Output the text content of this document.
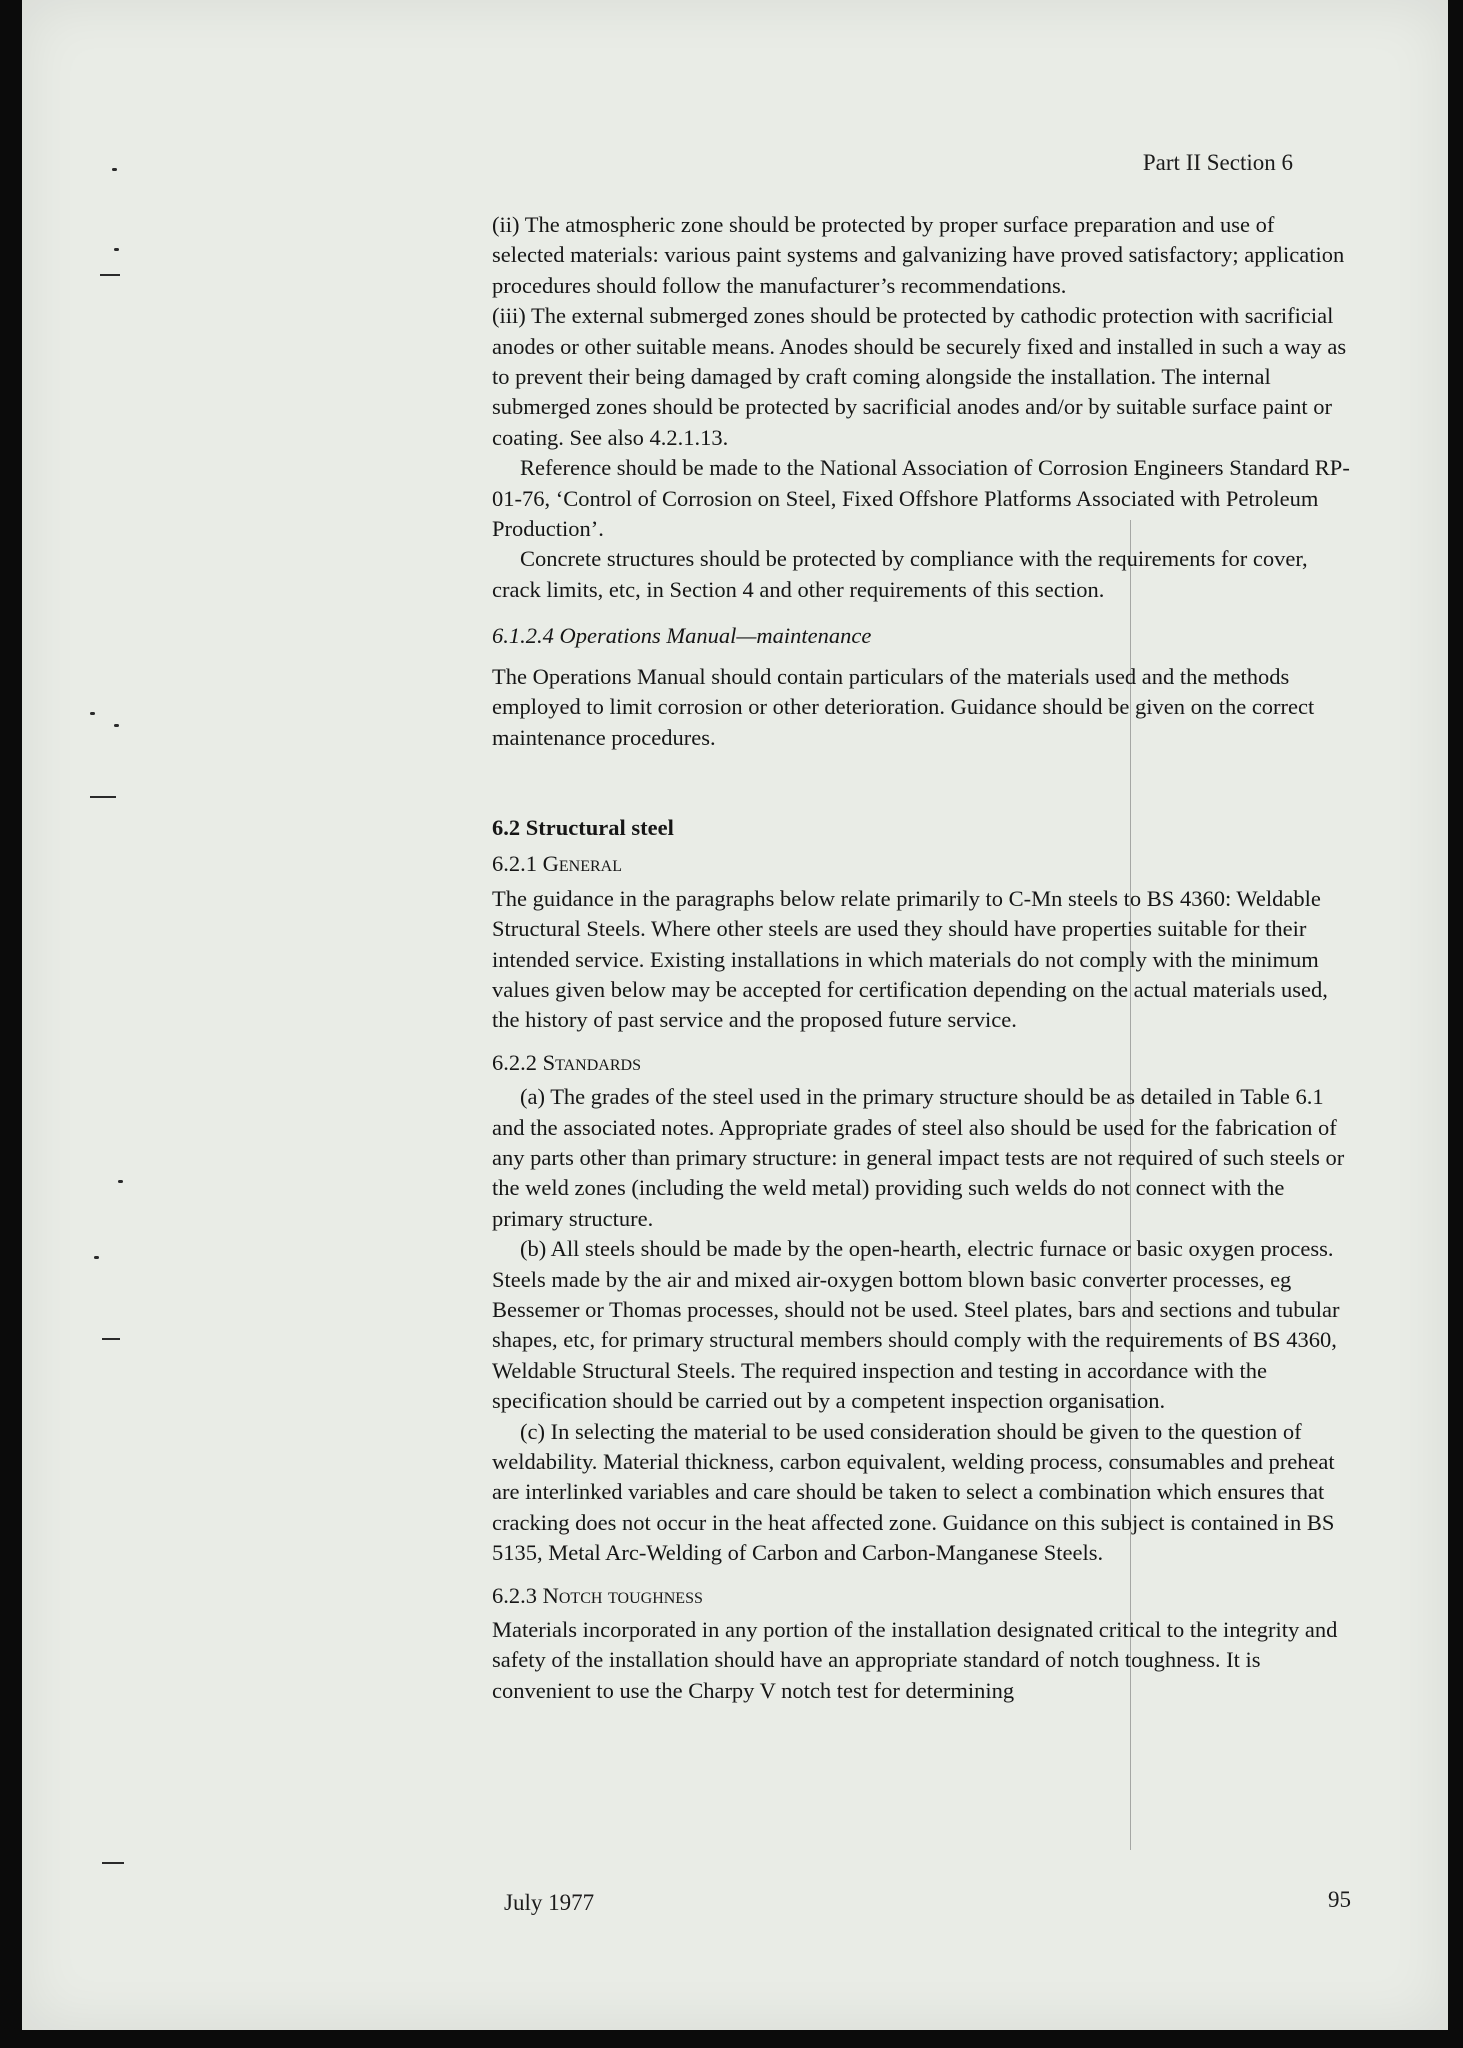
Part II Section 6

(ii) The atmospheric zone should be protected by proper surface preparation and use of selected materials: various paint systems and galvanizing have proved satisfactory; application procedures should follow the manufacturer’s recommendations.

(iii) The external submerged zones should be protected by cathodic protection with sacrificial anodes or other suitable means. Anodes should be securely fixed and installed in such a way as to prevent their being damaged by craft coming alongside the installation. The internal submerged zones should be protected by sacrificial anodes and/or by suitable surface paint or coating. See also 4.2.1.13.

Reference should be made to the National Association of Corrosion Engineers Standard RP-01-76, ‘Control of Corrosion on Steel, Fixed Offshore Platforms Associated with Petroleum Production’.

Concrete structures should be protected by compliance with the requirements for cover, crack limits, etc, in Section 4 and other requirements of this section.

6.1.2.4 Operations Manual—maintenance

The Operations Manual should contain particulars of the materials used and the methods employed to limit corrosion or other deterioration. Guidance should be given on the correct maintenance procedures.

6.2 Structural steel

6.2.1 General

The guidance in the paragraphs below relate primarily to C-Mn steels to BS 4360: Weldable Structural Steels. Where other steels are used they should have properties suitable for their intended service. Existing installations in which materials do not comply with the minimum values given below may be accepted for certification depending on the actual materials used, the history of past service and the proposed future service.

6.2.2 Standards

(a) The grades of the steel used in the primary structure should be as detailed in Table 6.1 and the associated notes. Appropriate grades of steel also should be used for the fabrication of any parts other than primary structure: in general impact tests are not required of such steels or the weld zones (including the weld metal) providing such welds do not connect with the primary structure.

(b) All steels should be made by the open-hearth, electric furnace or basic oxygen process. Steels made by the air and mixed air-oxygen bottom blown basic converter processes, eg Bessemer or Thomas processes, should not be used. Steel plates, bars and sections and tubular shapes, etc, for primary structural members should comply with the requirements of BS 4360, Weldable Structural Steels. The required inspection and testing in accordance with the specification should be carried out by a competent inspection organisation.

(c) In selecting the material to be used consideration should be given to the question of weldability. Material thickness, carbon equivalent, welding process, consumables and preheat are interlinked variables and care should be taken to select a combination which ensures that cracking does not occur in the heat affected zone. Guidance on this subject is contained in BS 5135, Metal Arc-Welding of Carbon and Carbon-Manganese Steels.

6.2.3 Notch toughness

Materials incorporated in any portion of the installation designated critical to the integrity and safety of the installation should have an appropriate standard of notch toughness. It is convenient to use the Charpy V notch test for determining

July 1977	95
